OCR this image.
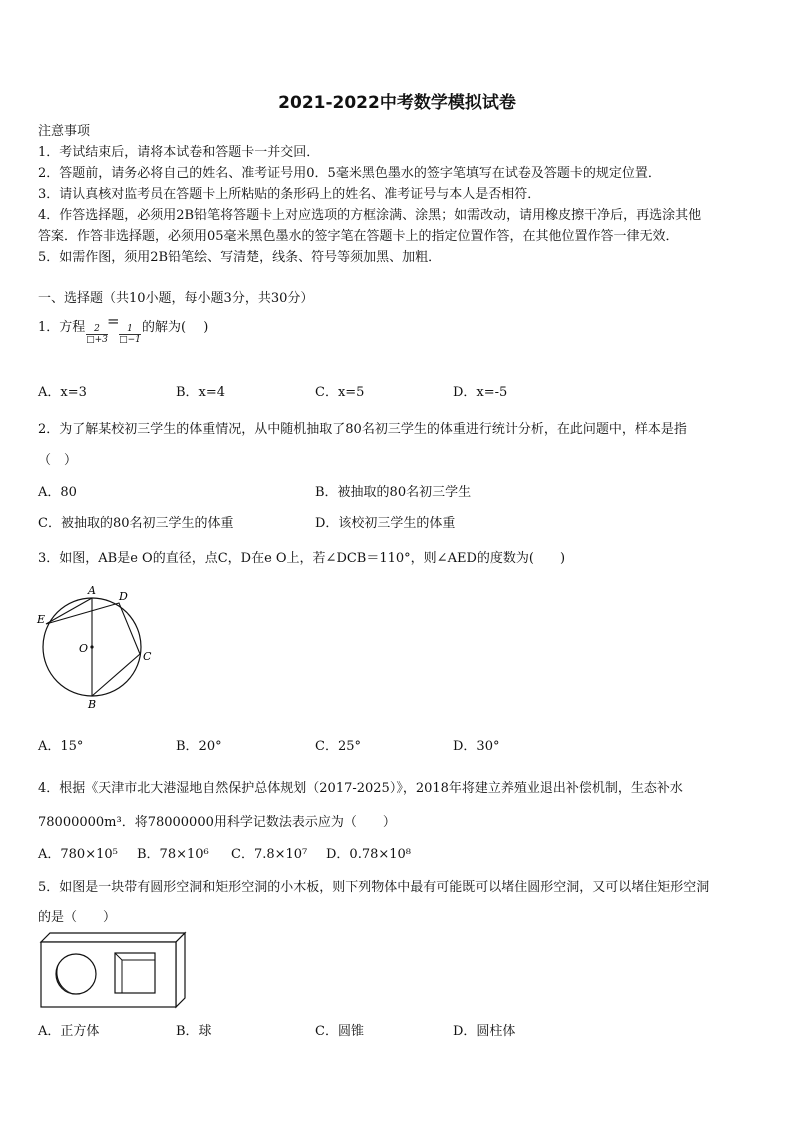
2021-2022中考数学模拟试卷
注意事项
1．考试结束后，请将本试卷和答题卡一并交回．
2．答题前，请务必将自己的姓名、准考证号用0．5毫米黑色墨水的签字笔填写在试卷及答题卡的规定位置．
3．请认真核对监考员在答题卡上所粘贴的条形码上的姓名、准考证号与本人是否相符．
4．作答选择题，必须用2B铅笔将答题卡上对应选项的方框涂满、涂黑；如需改动，请用橡皮擦干净后，再选涂其他
答案．作答非选择题，必须用05毫米黑色墨水的签字笔在答题卡上的指定位置作答，在其他位置作答一律无效．
5．如需作图，须用2B铅笔绘、写清楚，线条、符号等须加黑、加粗．
一、选择题（共10小题，每小题3分，共30分）
1．方程 $\frac{2}{□+3}$
=
$\frac{1}{□-1}$ 的解为(　 )
A．x=3	B．x=4	C．x=5	D．x=-5
2．为了解某校初三学生的体重情况，从中随机抽取了80名初三学生的体重进行统计分析，在此问题中，样本是指
（　）
A．80	B．被抽取的80名初三学生
C．被抽取的80名初三学生的体重	D．该校初三学生的体重
3．如图，AB是e O的直径，点C，D在e O上，若∠DCB＝110°，则∠AED的度数为(　　)
A D
E
O
C
B
A．15°	B．20°	C．25°	D．30°
4．根据《天津市北大港湿地自然保护总体规划（2017-2025）》，2018年将建立养殖业退出补偿机制，生态补水
78000000m³．将78000000用科学记数法表示应为（　　）
A．780×10⁵ B．78×10⁶ C．7.8×10⁷ D．0.78×10⁸
5．如图是一块带有圆形空洞和矩形空洞的小木板，则下列物体中最有可能既可以堵住圆形空洞，又可以堵住矩形空洞
的是（　　）
A．正方体	B．球	C．圆锥	D．圆柱体
